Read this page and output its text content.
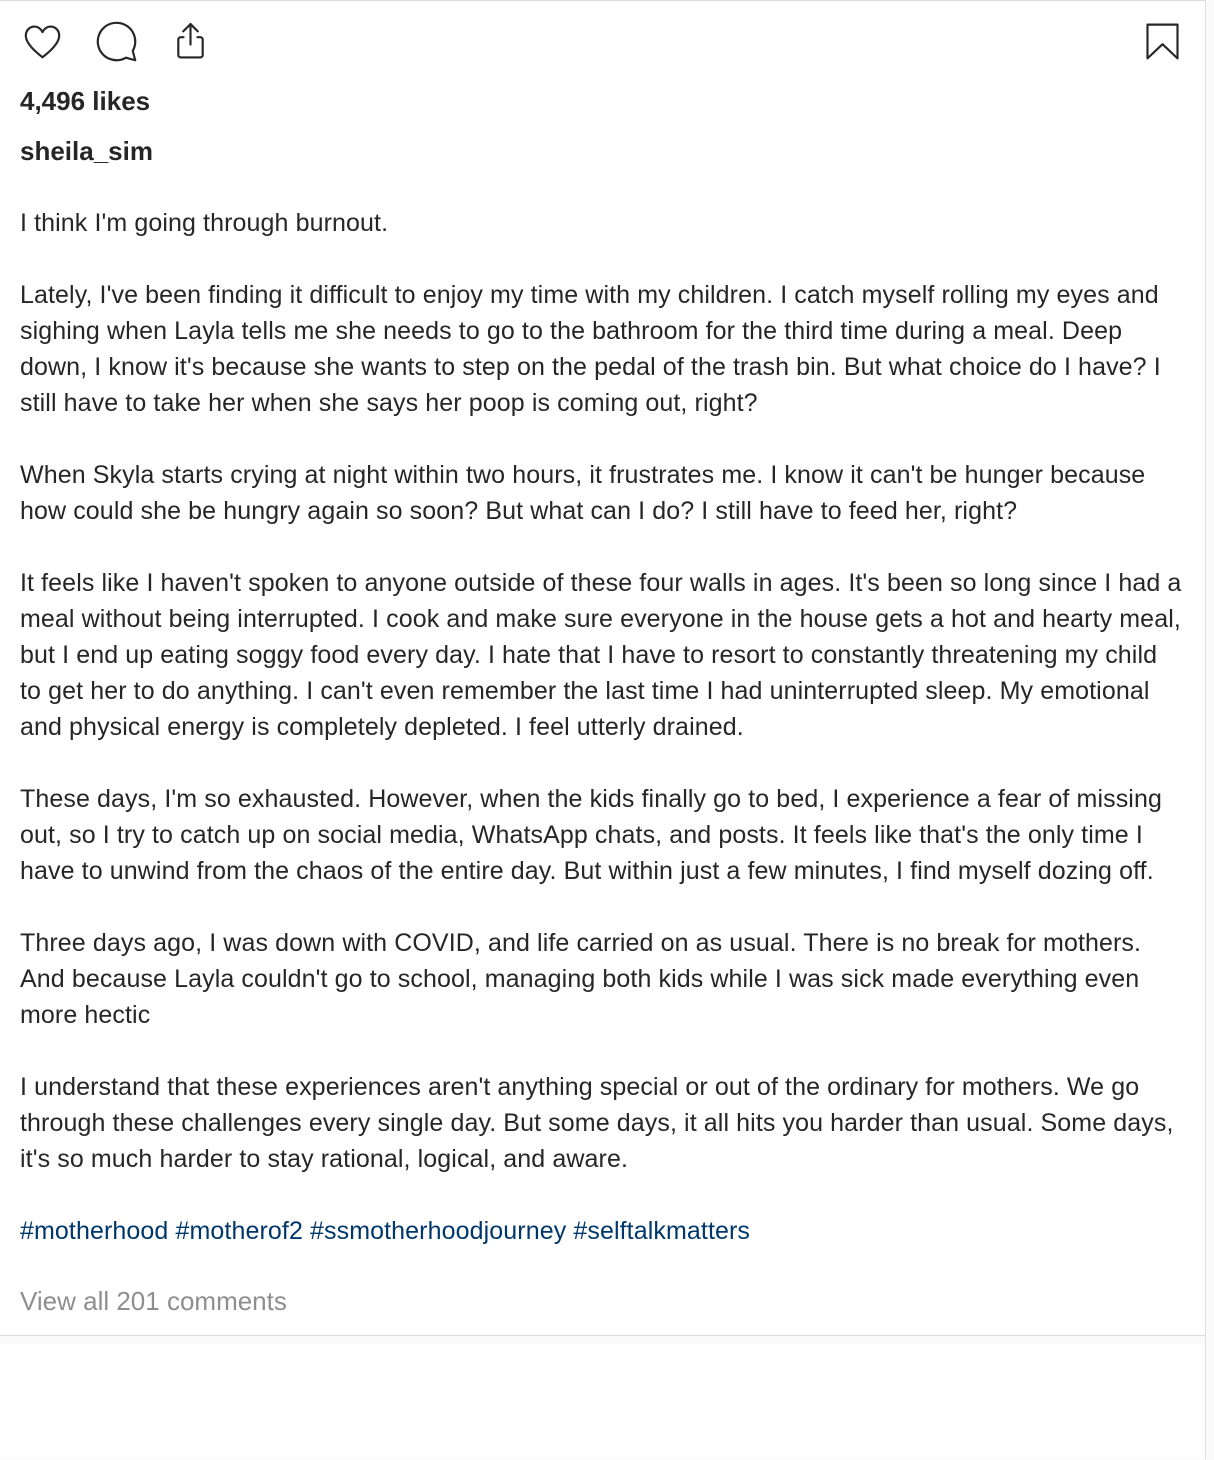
4,496 likes
sheila_sim

I think I'm going through burnout.

Lately, I've been finding it difficult to enjoy my time with my children. I catch myself rolling my eyes and sighing when Layla tells me she needs to go to the bathroom for the third time during a meal. Deep down, I know it's because she wants to step on the pedal of the trash bin. But what choice do I have? I still have to take her when she says her poop is coming out, right?

When Skyla starts crying at night within two hours, it frustrates me. I know it can't be hunger because how could she be hungry again so soon? But what can I do? I still have to feed her, right?

It feels like I haven't spoken to anyone outside of these four walls in ages. It's been so long since I had a meal without being interrupted. I cook and make sure everyone in the house gets a hot and hearty meal, but I end up eating soggy food every day. I hate that I have to resort to constantly threatening my child to get her to do anything. I can't even remember the last time I had uninterrupted sleep. My emotional and physical energy is completely depleted. I feel utterly drained.

These days, I'm so exhausted. However, when the kids finally go to bed, I experience a fear of missing out, so I try to catch up on social media, WhatsApp chats, and posts. It feels like that's the only time I have to unwind from the chaos of the entire day. But within just a few minutes, I find myself dozing off.

Three days ago, I was down with COVID, and life carried on as usual. There is no break for mothers. And because Layla couldn't go to school, managing both kids while I was sick made everything even more hectic

I understand that these experiences aren't anything special or out of the ordinary for mothers. We go through these challenges every single day. But some days, it all hits you harder than usual. Some days, it's so much harder to stay rational, logical, and aware.

#motherhood #motherof2 #ssmotherhoodjourney #selftalkmatters

View all 201 comments
